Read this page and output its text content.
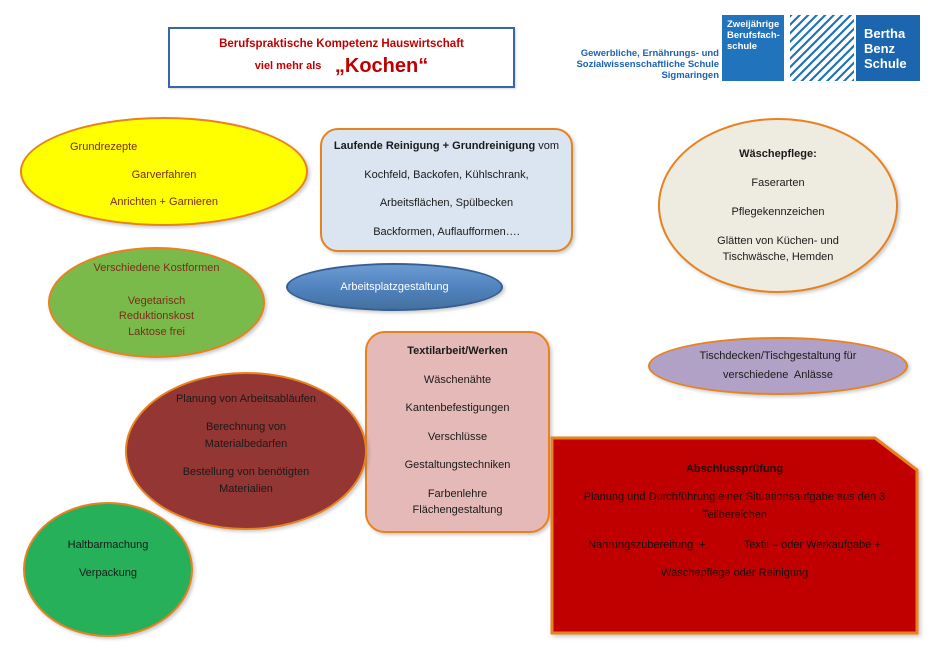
Berufspraktische Kompetenz Hauswirtschaft
viel mehr als „Kochen“
Gewerbliche, Ernährungs- und
Sozialwissenschaftliche Schule
Sigmaringen
Zweijährige
Berufsfach-
schule
Bertha
Benz
Schule
Grundrezepte
Garverfahren
Anrichten + Garnieren
Laufende Reinigung + Grundreinigung vom
Kochfeld, Backofen, Kühlschrank,
Arbeitsflächen, Spülbecken
Backformen, Auflaufformen….
Wäschepflege:
Faserarten
Pflegekennzeichen
Glätten von Küchen- und
Tischwäsche, Hemden
Verschiedene Kostformen
Vegetarisch
Reduktionskost
Laktose frei
Arbeitsplatzgestaltung
Textilarbeit/Werken
Wäschenähte
Kantenbefestigungen
Verschlüsse
Gestaltungstechniken
Farbenlehre
Flächengestaltung
Tischdecken/Tischgestaltung für
verschiedene  Anlässe
Planung von Arbeitsabläufen
Berechnung von
Materialbedarfen
Bestellung von benötigten
Materialien
Haltbarmachung
Verpackung
Abschlussprüfung
Planung und Durchführung einer Situationsaufgabe aus den 3
Teilbereichen
Nahrungszubereitung  +	Textil – oder Werkaufgabe +
Wäschepflege oder Reinigung
